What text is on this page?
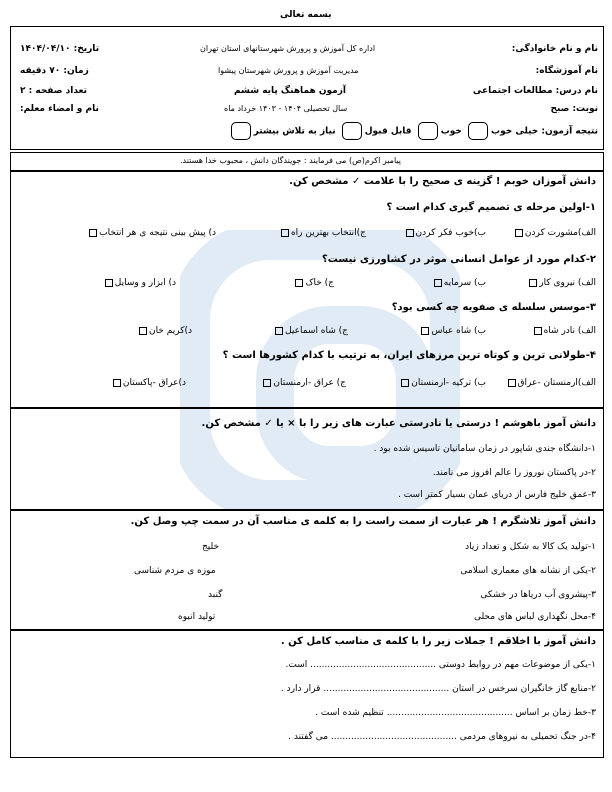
بسمه تعالی
نام و نام خانوادگی:
اداره کل آموزش و پرورش شهرستانهای استان تهران
تاریخ: ۱۴۰۴/۰۴/۱۰
نام آموزشگاه:
مدیریت آموزش و پرورش شهرستان پیشوا
زمان: ۷۰ دقیقه
نام درس: مطالعات اجتماعی
آزمون هماهنگ پایه ششم
تعداد صفحه : ۲
نوبت: صبح
سال تحصیلی ۱۴۰۴ - ۱۴۰۳ خرداد ماه
نام و امضاء معلم:
نتیجه آزمون: خیلی خوب خوب قابل قبول نیاز به تلاش بیشتر
پیامبر اکرم(ص) می فرمایند : جویندگان دانش ، محبوب خدا هستند.
دانش آموزان خوبم ! گزینه ی صحیح را با علامت ✓ مشخص کن.
۱-اولین مرحله ی تصمیم گیری کدام است ؟
الف)مشورت کردن
ب)خوب فکر کردن
ج)انتخاب بهترین راه
د) پیش بینی نتیجه ی هر انتخاب
۲-کدام مورد از عوامل انسانی موثر در کشاورزی نیست؟
الف) نیروی کار
ب) سرمایه
ج) خاک
د) ابزار و وسایل
۳-موسس سلسله ی صفویه چه کسی بود؟
الف) نادر شاه
ب) شاه عباس
ج) شاه اسماعیل
د)کریم خان
۴-طولانی ترین و کوتاه ترین مرزهای ایران، به ترتیب با کدام کشورها است ؟
الف)ارمنستان -عراق
ب) ترکیه -ارمنستان
ج) عراق -ارمنستان
د)عراق -پاکستان
دانش آموز باهوشم ! درستی یا نادرستی عبارت های زیر را با × یا ✓ مشخص کن.
۱-دانشگاه جندی شاپور در زمان سامانیان تاسیس شده بود .
۲-در پاکستان نوروز را عالم افروز می نامند.
۳-عمق خلیج فارس از دریای عمان بسیار کمتر است .
دانش آموز تلاشگرم ! هر عبارت از سمت راست را به کلمه ی مناسب آن در سمت چپ وصل کن.
۱-تولید یک کالا به شکل و تعداد زیاد
۲-یکی از نشانه های معماری اسلامی
۳-پیشروی آب دریاها در خشکی
۴-محل نگهداری لباس های محلی
خلیج
موزه ی مردم شناسی
گنبد
تولید انبوه
دانش آموز با اخلاقم ! جملات زیر را با کلمه ی مناسب کامل کن .
۱-یکی از موضوعات مهم در روابط دوستی ............................................ است.
۲-منابع گاز خانگیران سرخس در استان ............................................ قرار دارد .
۳-خط زمان بر اساس ............................................ تنظیم شده است .
۴-در جنگ تحمیلی به نیروهای مردمی ............................................ می گفتند .
